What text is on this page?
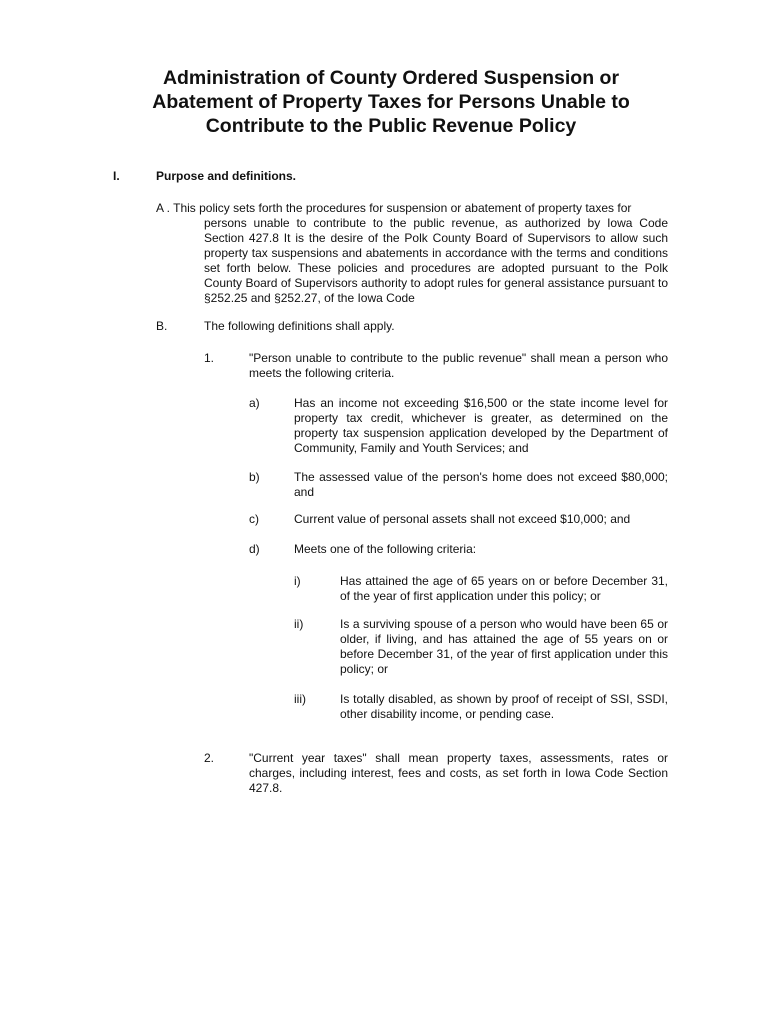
Administration of County Ordered Suspension or
Abatement of Property Taxes for Persons Unable to
Contribute to the Public Revenue Policy
I.	Purpose and definitions.
A . This policy sets forth the procedures for suspension or abatement of property taxes for
persons unable to contribute to the public revenue, as authorized by Iowa Code Section 427.8 It is the desire of the Polk County Board of Supervisors to allow such property tax suspensions and abatements in accordance with the terms and conditions set forth below. These policies and procedures are adopted pursuant to the Polk County Board of Supervisors authority to adopt rules for general assistance pursuant to §252.25 and §252.27, of the Iowa Code
B.	The following definitions shall apply.
1.	"Person unable to contribute to the public revenue" shall mean a person who meets the following criteria.
a)	Has an income not exceeding $16,500 or the state income level for property tax credit, whichever is greater, as determined on the property tax suspension application developed by the Department of Community, Family and Youth Services; and
b)	The assessed value of the person's home does not exceed $80,000; and
c)	Current value of personal assets shall not exceed $10,000; and
d)	Meets one of the following criteria:
i)	Has attained the age of 65 years on or before December 31, of the year of first application under this policy; or
ii)	Is a surviving spouse of a person who would have been 65 or older, if living, and has attained the age of 55 years on or before December 31, of the year of first application under this policy; or
iii)	Is totally disabled, as shown by proof of receipt of SSI, SSDI, other disability income, or pending case.
2.	"Current year taxes" shall mean property taxes, assessments, rates or charges, including interest, fees and costs, as set forth in Iowa Code Section 427.8.
